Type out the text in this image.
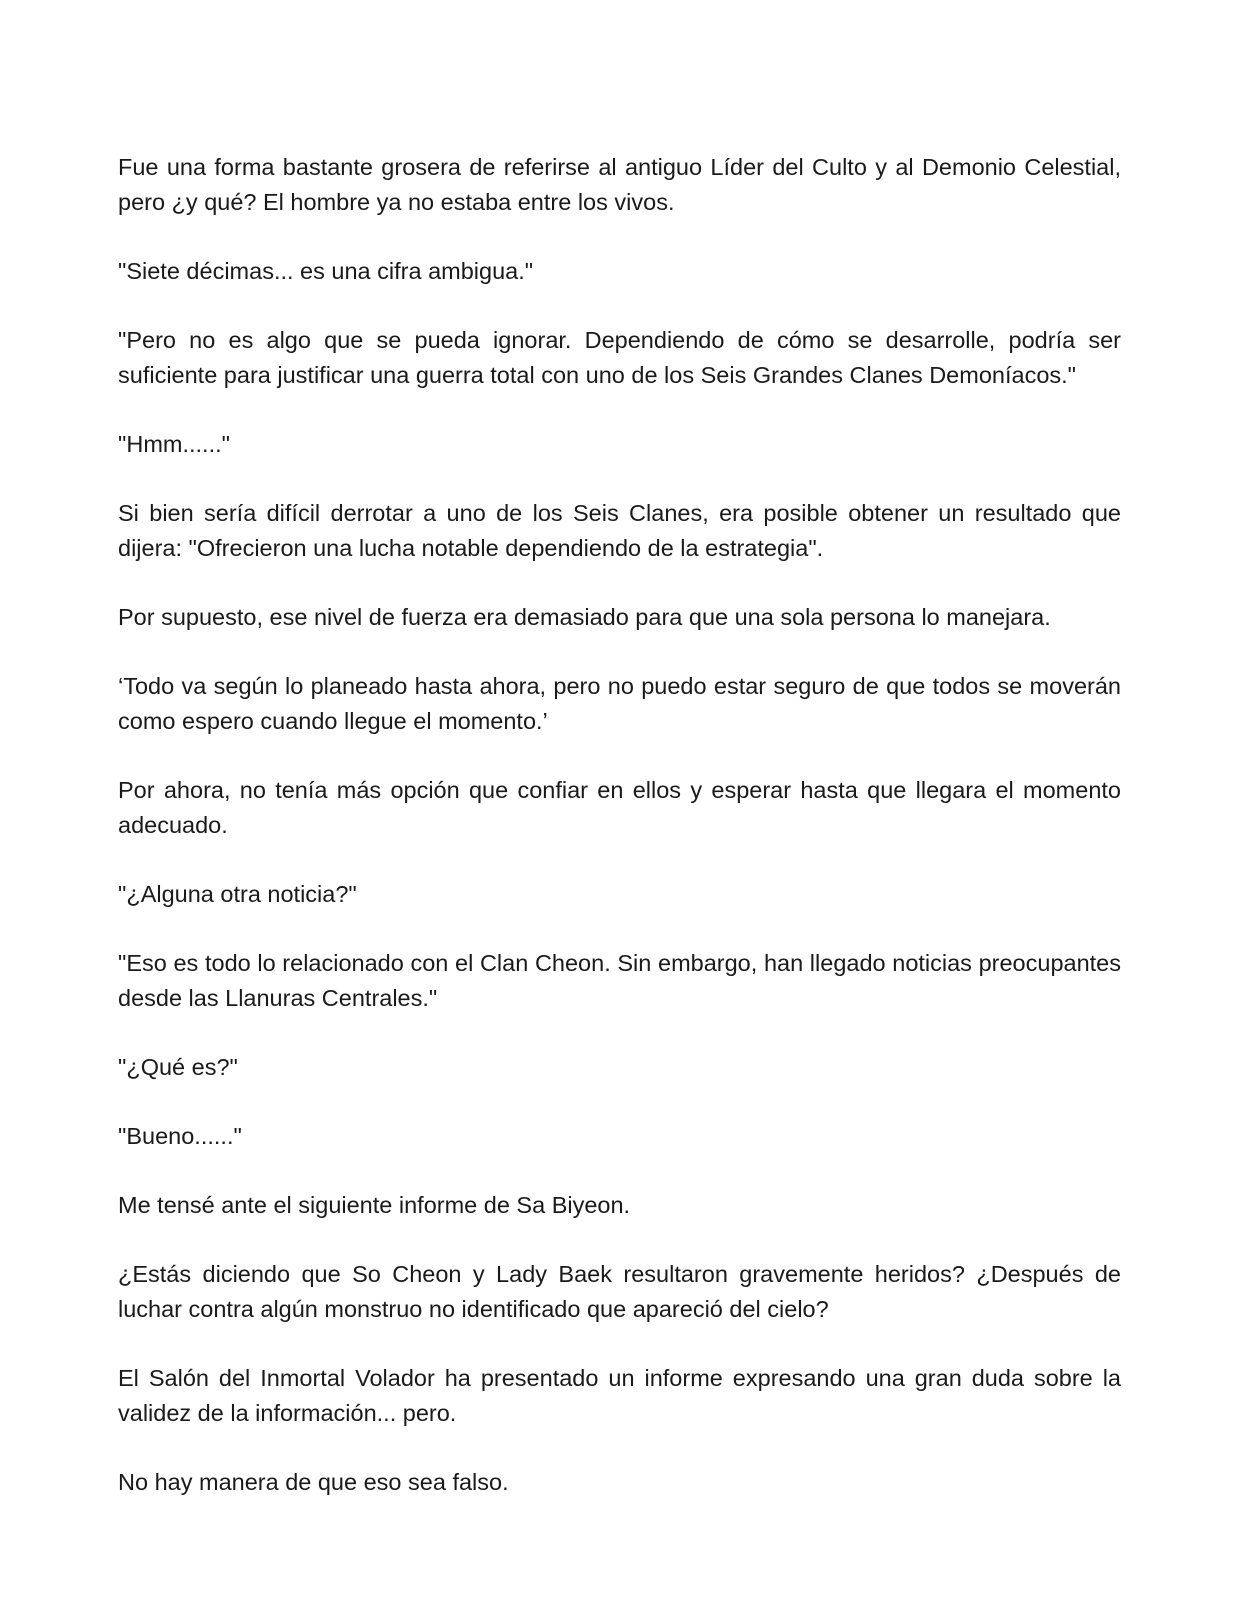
Fue una forma bastante grosera de referirse al antiguo Líder del Culto y al Demonio Celestial, pero ¿y qué? El hombre ya no estaba entre los vivos.

"Siete décimas... es una cifra ambigua."

"Pero no es algo que se pueda ignorar. Dependiendo de cómo se desarrolle, podría ser suficiente para justificar una guerra total con uno de los Seis Grandes Clanes Demoníacos."

"Hmm......"

Si bien sería difícil derrotar a uno de los Seis Clanes, era posible obtener un resultado que dijera: "Ofrecieron una lucha notable dependiendo de la estrategia".

Por supuesto, ese nivel de fuerza era demasiado para que una sola persona lo manejara.

‘Todo va según lo planeado hasta ahora, pero no puedo estar seguro de que todos se moverán como espero cuando llegue el momento.’

Por ahora, no tenía más opción que confiar en ellos y esperar hasta que llegara el momento adecuado.

"¿Alguna otra noticia?"

"Eso es todo lo relacionado con el Clan Cheon. Sin embargo, han llegado noticias preocupantes desde las Llanuras Centrales."

"¿Qué es?"

"Bueno......"

Me tensé ante el siguiente informe de Sa Biyeon.

¿Estás diciendo que So Cheon y Lady Baek resultaron gravemente heridos? ¿Después de luchar contra algún monstruo no identificado que apareció del cielo?

El Salón del Inmortal Volador ha presentado un informe expresando una gran duda sobre la validez de la información... pero.

No hay manera de que eso sea falso.
